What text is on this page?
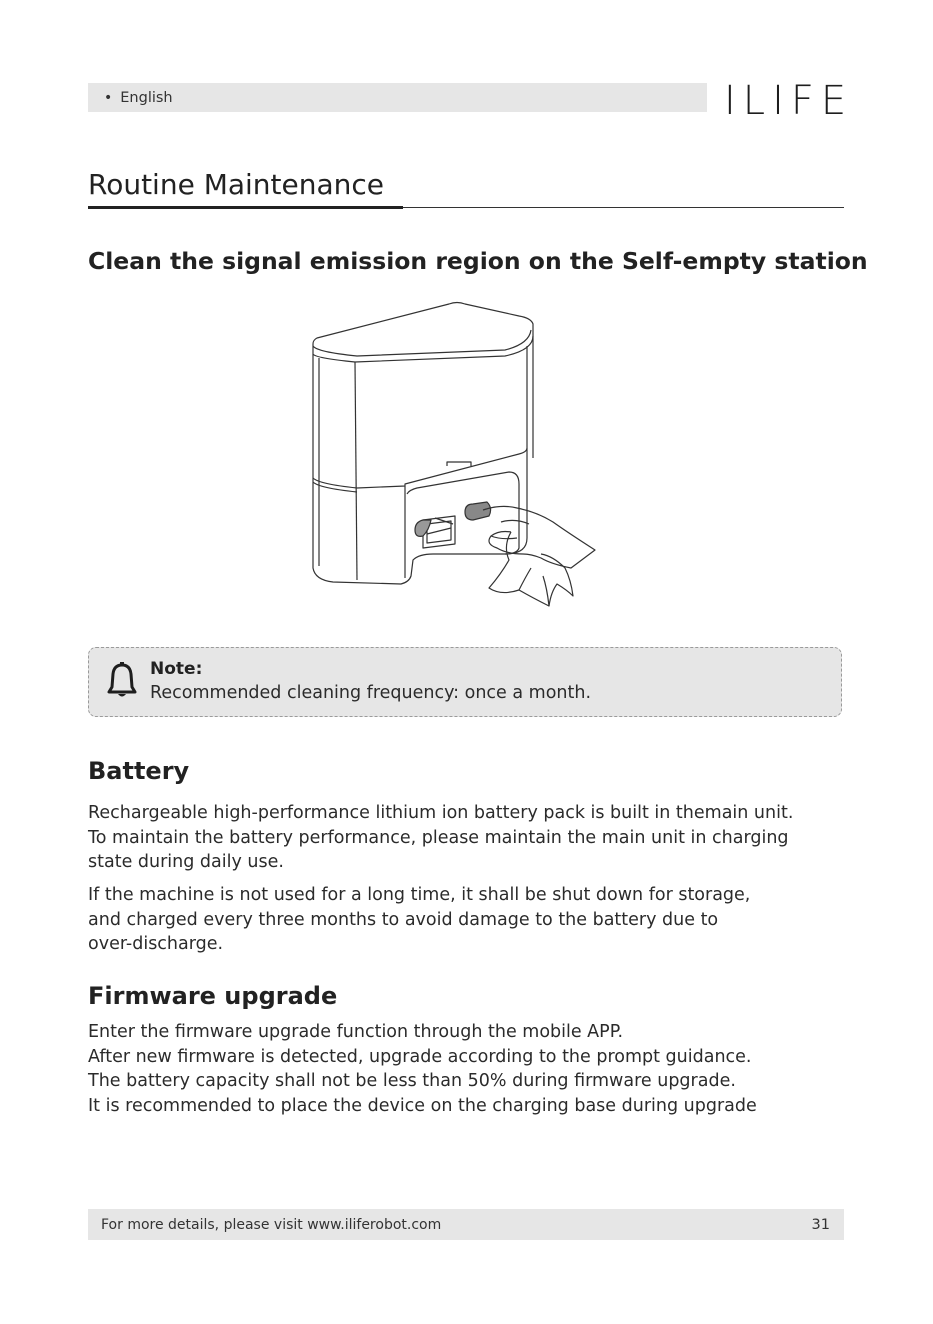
• English	ILIFE
Routine Maintenance
Clean the signal emission region on the Self-empty station
Note:
Recommended cleaning frequency: once a month.
Battery

Rechargeable high-performance lithium ion battery pack is built in themain unit.
To maintain the battery performance, please maintain the main unit in charging
state during daily use.

If the machine is not used for a long time, it shall be shut down for storage,
and charged every three months to avoid damage to the battery due to
over-discharge.

Firmware upgrade

Enter the firmware upgrade function through the mobile APP.
After new firmware is detected, upgrade according to the prompt guidance.
The battery capacity shall not be less than 50% during firmware upgrade.
It is recommended to place the device on the charging base during upgrade

For more details, please visit www.iliferobot.com	31
